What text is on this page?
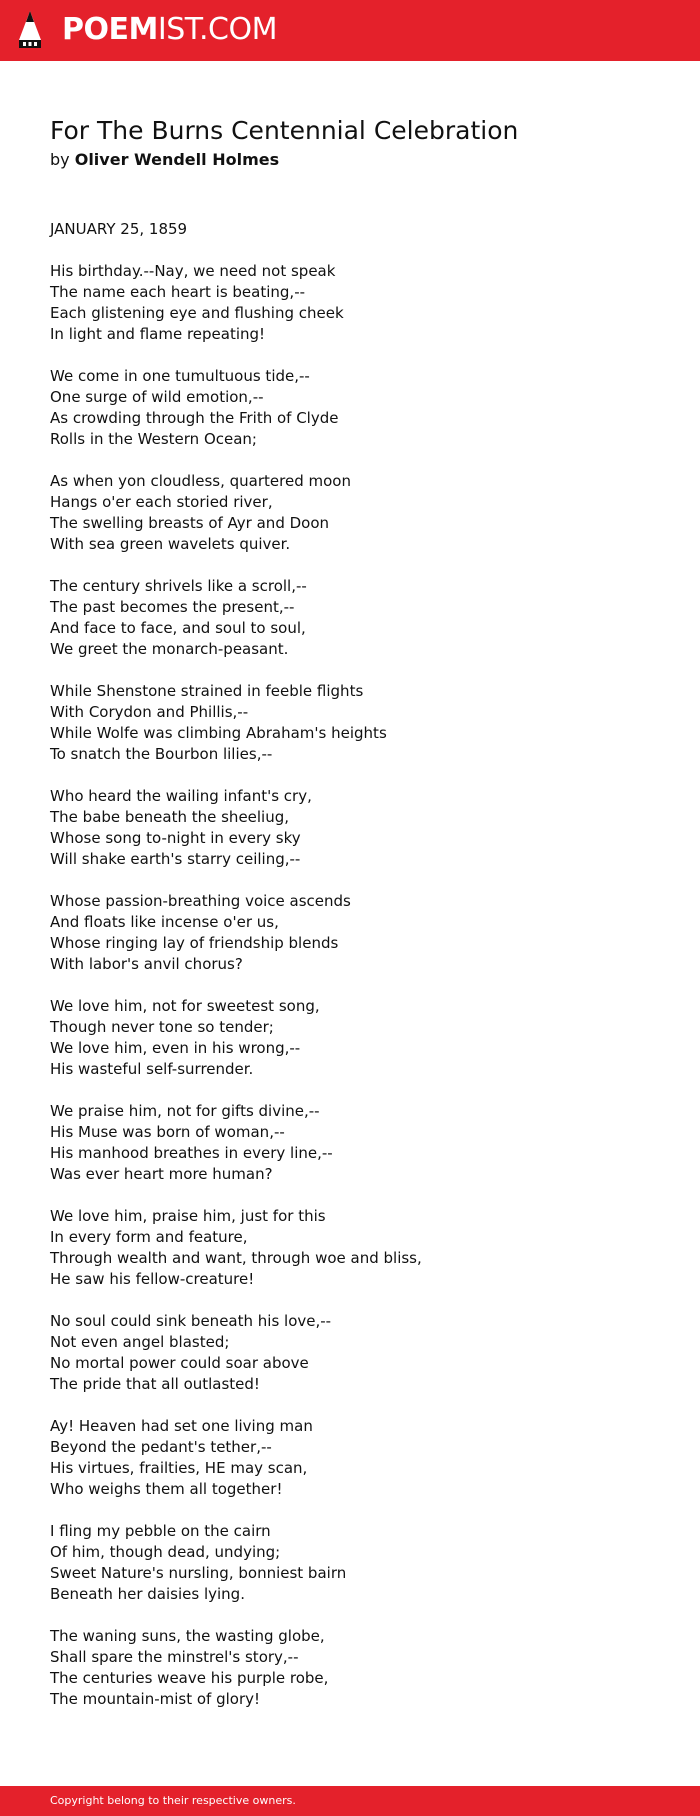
POEMIST.COM
For The Burns Centennial Celebration
by Oliver Wendell Holmes
JANUARY 25, 1859

His birthday.--Nay, we need not speak
The name each heart is beating,--
Each glistening eye and flushing cheek
In light and flame repeating!

We come in one tumultuous tide,--
One surge of wild emotion,--
As crowding through the Frith of Clyde
Rolls in the Western Ocean;

As when yon cloudless, quartered moon
Hangs o'er each storied river,
The swelling breasts of Ayr and Doon
With sea green wavelets quiver.

The century shrivels like a scroll,--
The past becomes the present,--
And face to face, and soul to soul,
We greet the monarch-peasant.

While Shenstone strained in feeble flights
With Corydon and Phillis,--
While Wolfe was climbing Abraham's heights
To snatch the Bourbon lilies,--

Who heard the wailing infant's cry,
The babe beneath the sheeliug,
Whose song to-night in every sky
Will shake earth's starry ceiling,--

Whose passion-breathing voice ascends
And floats like incense o'er us,
Whose ringing lay of friendship blends
With labor's anvil chorus?

We love him, not for sweetest song,
Though never tone so tender;
We love him, even in his wrong,--
His wasteful self-surrender.

We praise him, not for gifts divine,--
His Muse was born of woman,--
His manhood breathes in every line,--
Was ever heart more human?

We love him, praise him, just for this
In every form and feature,
Through wealth and want, through woe and bliss,
He saw his fellow-creature!

No soul could sink beneath his love,--
Not even angel blasted;
No mortal power could soar above
The pride that all outlasted!

Ay! Heaven had set one living man
Beyond the pedant's tether,--
His virtues, frailties, HE may scan,
Who weighs them all together!

I fling my pebble on the cairn
Of him, though dead, undying;
Sweet Nature's nursling, bonniest bairn
Beneath her daisies lying.

The waning suns, the wasting globe,
Shall spare the minstrel's story,--
The centuries weave his purple robe,
The mountain-mist of glory!
Copyright belong to their respective owners.
